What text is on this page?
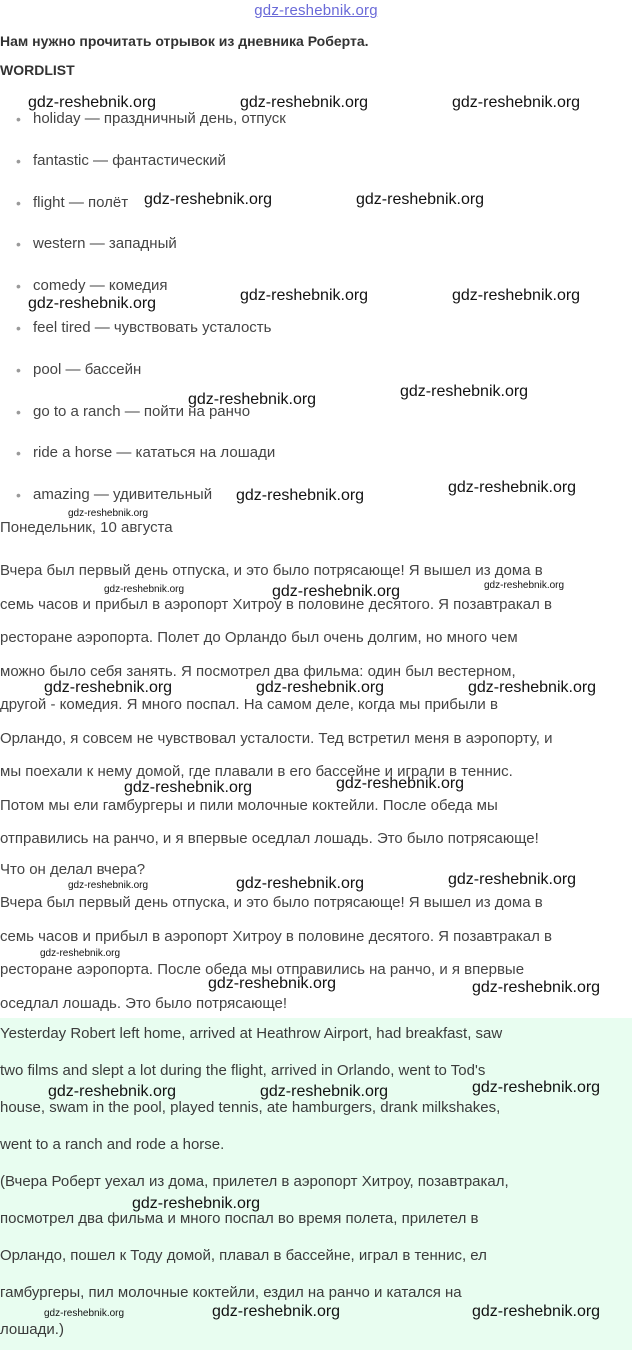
gdz-reshebnik.org
Нам нужно прочитать отрывок из дневника Роберта.
WORDLIST
• holiday — праздничный день, отпуск
• fantastic — фантастический
• flight — полёт
• western — западный
• comedy — комедия
• feel tired — чувствовать усталость
• pool — бассейн
• go to a ranch — пойти на ранчо
• ride a horse — кататься на лошади
• amazing — удивительный
Понедельник, 10 августа
Вчера был первый день отпуска, и это было потрясающе! Я вышел из дома в
семь часов и прибыл в аэропорт Хитроу в половине десятого. Я позавтракал в
ресторане аэропорта. Полет до Орландо был очень долгим, но много чем
можно было себя занять. Я посмотрел два фильма: один был вестерном,
другой - комедия. Я много поспал. На самом деле, когда мы прибыли в
Орландо, я совсем не чувствовал усталости. Тед встретил меня в аэропорту, и
мы поехали к нему домой, где плавали в его бассейне и играли в теннис.
Потом мы ели гамбургеры и пили молочные коктейли. После обеда мы
отправились на ранчо, и я впервые оседлал лошадь. Это было потрясающе!
Что он делал вчера?
Вчера был первый день отпуска, и это было потрясающе! Я вышел из дома в
семь часов и прибыл в аэропорт Хитроу в половине десятого. Я позавтракал в
ресторане аэропорта. После обеда мы отправились на ранчо, и я впервые
оседлал лошадь. Это было потрясающе!
Yesterday Robert left home, arrived at Heathrow Airport, had breakfast, saw
two films and slept a lot during the flight, arrived in Orlando, went to Tod's
house, swam in the pool, played tennis, ate hamburgers, drank milkshakes,
went to a ranch and rode a horse.
(Вчера Роберт уехал из дома, прилетел в аэропорт Хитроу, позавтракал,
посмотрел два фильма и много поспал во время полета, прилетел в
Орландо, пошел к Тоду домой, плавал в бассейне, играл в теннис, ел
гамбургеры, пил молочные коктейли, ездил на ранчо и катался на
лошади.)
gdz-reshebnik.org	gdz-reshebnik.org	gdz-reshebnik.org
gdz-reshebnik.org	gdz-reshebnik.org
gdz-reshebnik.org	gdz-reshebnik.org
gdz-reshebnik.org
gdz-reshebnik.org	gdz-reshebnik.org
gdz-reshebnik.org	gdz-reshebnik.org
gdz-reshebnik.org
gdz-reshebnik.org	gdz-reshebnik.org	gdz-reshebnik.org
gdz-reshebnik.org	gdz-reshebnik.org	gdz-reshebnik.org
gdz-reshebnik.org	gdz-reshebnik.org
gdz-reshebnik.org	gdz-reshebnik.org	gdz-reshebnik.org
gdz-reshebnik.org
gdz-reshebnik.org	gdz-reshebnik.org
gdz-reshebnik.org	gdz-reshebnik.org	gdz-reshebnik.org
gdz-reshebnik.org
gdz-reshebnik.org	gdz-reshebnik.org	gdz-reshebnik.org
